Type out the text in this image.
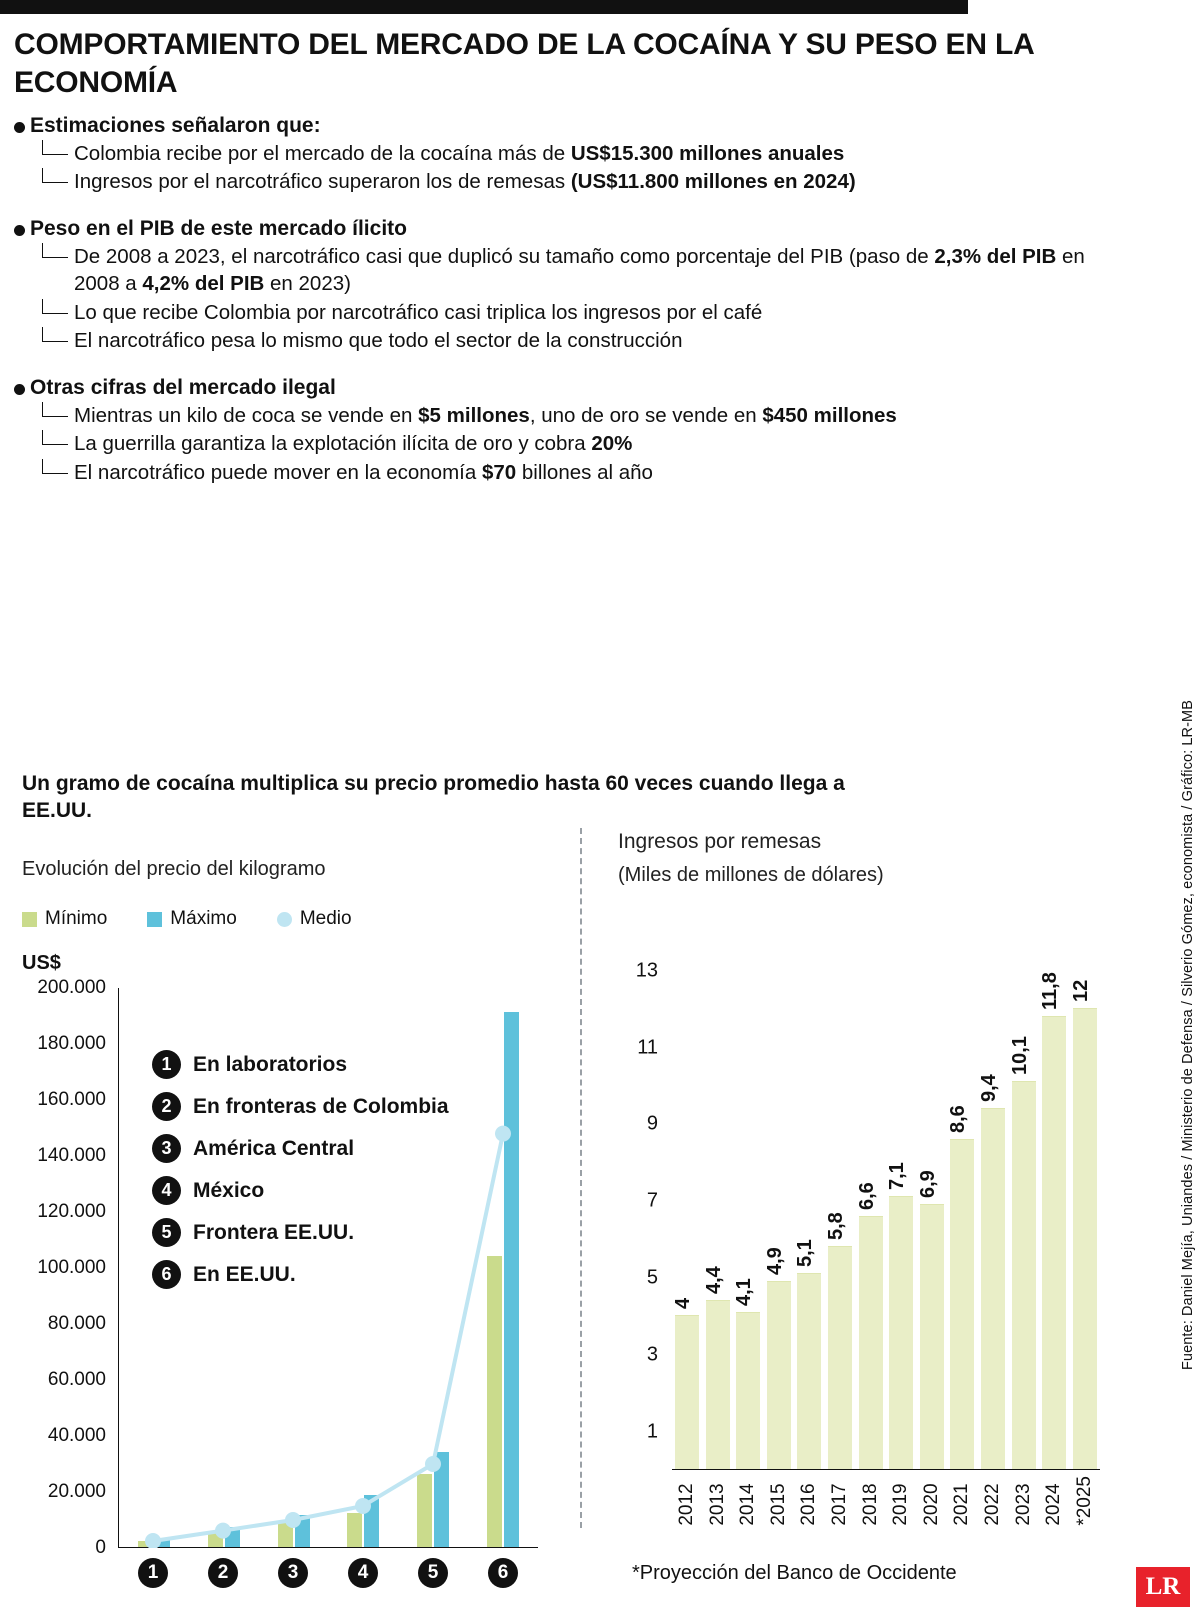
COMPORTAMIENTO DEL MERCADO DE LA COCAÍNA Y SU PESO EN LA ECONOMÍA
Estimaciones señalaron que:
Colombia recibe por el mercado de la cocaína más de US$15.300 millones anuales
Ingresos por el narcotráfico superaron los de remesas (US$11.800 millones en 2024)
Peso en el PIB de este mercado ílicito
De 2008 a 2023, el narcotráfico casi que duplicó su tamaño como porcentaje del PIB (paso de 2,3% del PIB en 2008 a 4,2% del PIB en 2023)
Lo que recibe Colombia por narcotráfico casi triplica los ingresos por el café
El narcotráfico pesa lo mismo que todo el sector de la construcción
Otras cifras del mercado ilegal
Mientras un kilo de coca se vende en $5 millones, uno de oro se vende en $450 millones
La guerrilla garantiza la explotación ilícita de oro y cobra 20%
El narcotráfico puede mover en la economía $70 billones al año
Un gramo de cocaína multiplica su precio promedio hasta 60 veces cuando llega a EE.UU.
Evolución del precio del kilogramo
Mínimo	Máximo	Medio
US$
0
20.000
40.000
60.000
80.000
100.000
120.000
140.000
160.000
180.000
200.000
1	En laboratorios
2	En fronteras de Colombia
3	América Central
4	México
5	Frontera EE.UU.
6	En EE.UU.
1	2	3	4	5	6
Ingresos por remesas
(Miles de millones de dólares)
1
3
5
7
9
11
13
4
4,4 4,1
4,9 5,1
5,8
6,6
7,1 6,9
8,6
9,4
10,1
11,8 12
2012 2013 2014 2015 2016 2017 2018 2019 2020 2021 2022 2023 2024 *2025
*Proyección del Banco de Occidente
Fuente: Daniel Mejía, Uniandes / Ministerio de Defensa / Silverio Gómez, economista / Gráfico: LR-MB
LR
